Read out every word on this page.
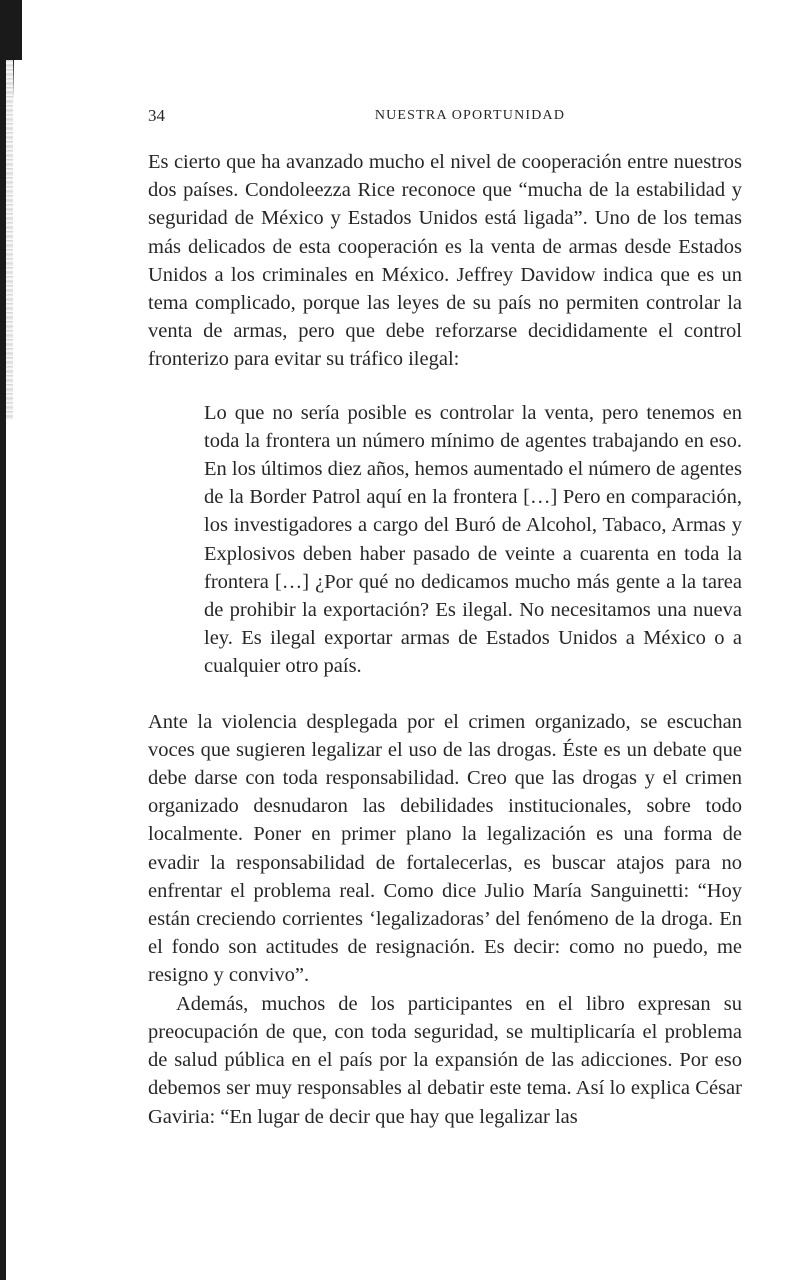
34	NUESTRA OPORTUNIDAD

Es cierto que ha avanzado mucho el nivel de cooperación entre nuestros dos países. Condoleezza Rice reconoce que “mucha de la estabilidad y seguridad de México y Estados Unidos está ligada”. Uno de los temas más delicados de esta cooperación es la venta de armas desde Estados Unidos a los criminales en México. Jeffrey Davidow indica que es un tema complicado, porque las leyes de su país no permiten controlar la venta de armas, pero que debe reforzarse decididamente el control fronterizo para evitar su tráfico ilegal:

Lo que no sería posible es controlar la venta, pero tenemos en toda la frontera un número mínimo de agentes trabajando en eso. En los últimos diez años, hemos aumentado el número de agentes de la Border Patrol aquí en la frontera […] Pero en comparación, los investigadores a cargo del Buró de Alcohol, Tabaco, Armas y Explosivos deben haber pasado de veinte a cuarenta en toda la frontera […] ¿Por qué no dedicamos mucho más gente a la tarea de prohibir la exportación? Es ilegal. No necesitamos una nueva ley. Es ilegal exportar armas de Estados Unidos a México o a cualquier otro país.

Ante la violencia desplegada por el crimen organizado, se escuchan voces que sugieren legalizar el uso de las drogas. Éste es un debate que debe darse con toda responsabilidad. Creo que las drogas y el crimen organizado desnudaron las debilidades institucionales, sobre todo localmente. Poner en primer plano la legalización es una forma de evadir la responsabilidad de fortalecerlas, es buscar atajos para no enfrentar el problema real. Como dice Julio María Sanguinetti: “Hoy están creciendo corrientes ‘legalizadoras’ del fenómeno de la droga. En el fondo son actitudes de resignación. Es decir: como no puedo, me resigno y convivo”.

Además, muchos de los participantes en el libro expresan su preocupación de que, con toda seguridad, se multiplicaría el problema de salud pública en el país por la expansión de las adicciones. Por eso debemos ser muy responsables al debatir este tema. Así lo explica César Gaviria: “En lugar de decir que hay que legalizar las
